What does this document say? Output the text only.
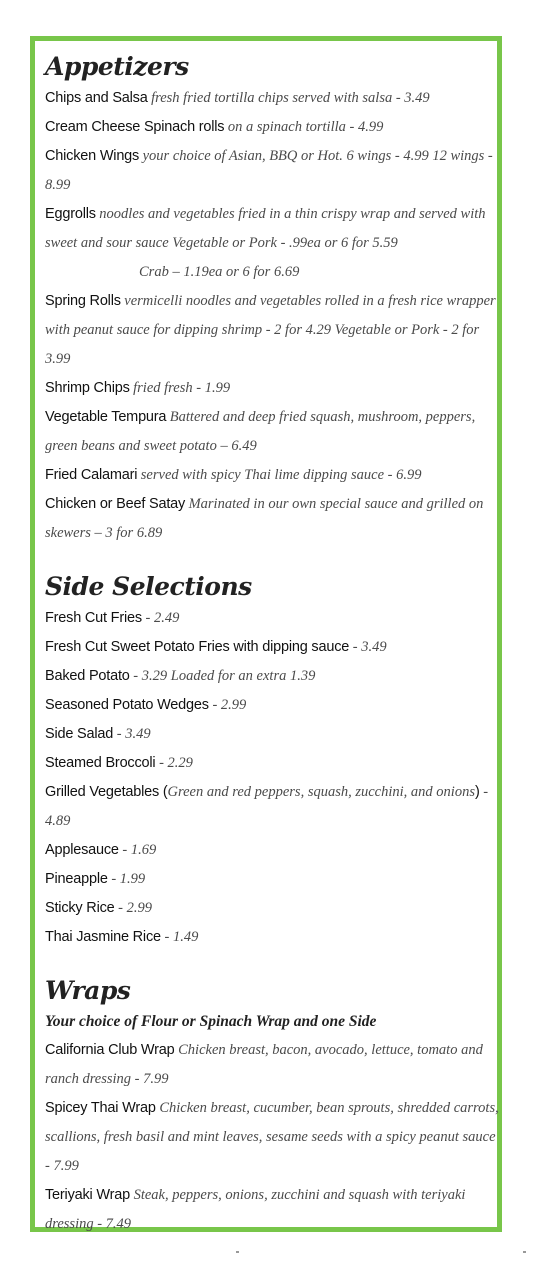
Appetizers

Chips and Salsa fresh fried tortilla chips served with salsa - 3.49

Cream Cheese Spinach rolls on a spinach tortilla - 4.99

Chicken Wings your choice of Asian, BBQ or Hot. 6 wings - 4.99 12 wings - 8.99

Eggrolls noodles and vegetables fried in a thin crispy wrap and served with sweet and sour sauce Vegetable or Pork - .99ea or 6 for 5.59

Crab – 1.19ea or 6 for 6.69

Spring Rolls vermicelli noodles and vegetables rolled in a fresh rice wrapper with peanut sauce for dipping shrimp - 2 for 4.29 Vegetable or Pork - 2 for 3.99

Shrimp Chips fried fresh - 1.99

Vegetable Tempura Battered and deep fried squash, mushroom, peppers, green beans and sweet potato – 6.49

Fried Calamari served with spicy Thai lime dipping sauce - 6.99

Chicken or Beef Satay Marinated in our own special sauce and grilled on skewers – 3 for 6.89

Side Selections

Fresh Cut Fries - 2.49

Fresh Cut Sweet Potato Fries with dipping sauce - 3.49

Baked Potato - 3.29 Loaded for an extra 1.39

Seasoned Potato Wedges - 2.99

Side Salad - 3.49

Steamed Broccoli - 2.29

Grilled Vegetables (Green and red peppers, squash, zucchini, and onions) - 4.89

Applesauce - 1.69

Pineapple - 1.99

Sticky Rice - 2.99

Thai Jasmine Rice - 1.49

Wraps

Your choice of Flour or Spinach Wrap and one Side

California Club Wrap Chicken breast, bacon, avocado, lettuce, tomato and ranch dressing - 7.99

Spicey Thai Wrap Chicken breast, cucumber, bean sprouts, shredded carrots, scallions, fresh basil and mint leaves, sesame seeds with a spicy peanut sauce - 7.99

Teriyaki Wrap Steak, peppers, onions, zucchini and squash with teriyaki dressing - 7.49
